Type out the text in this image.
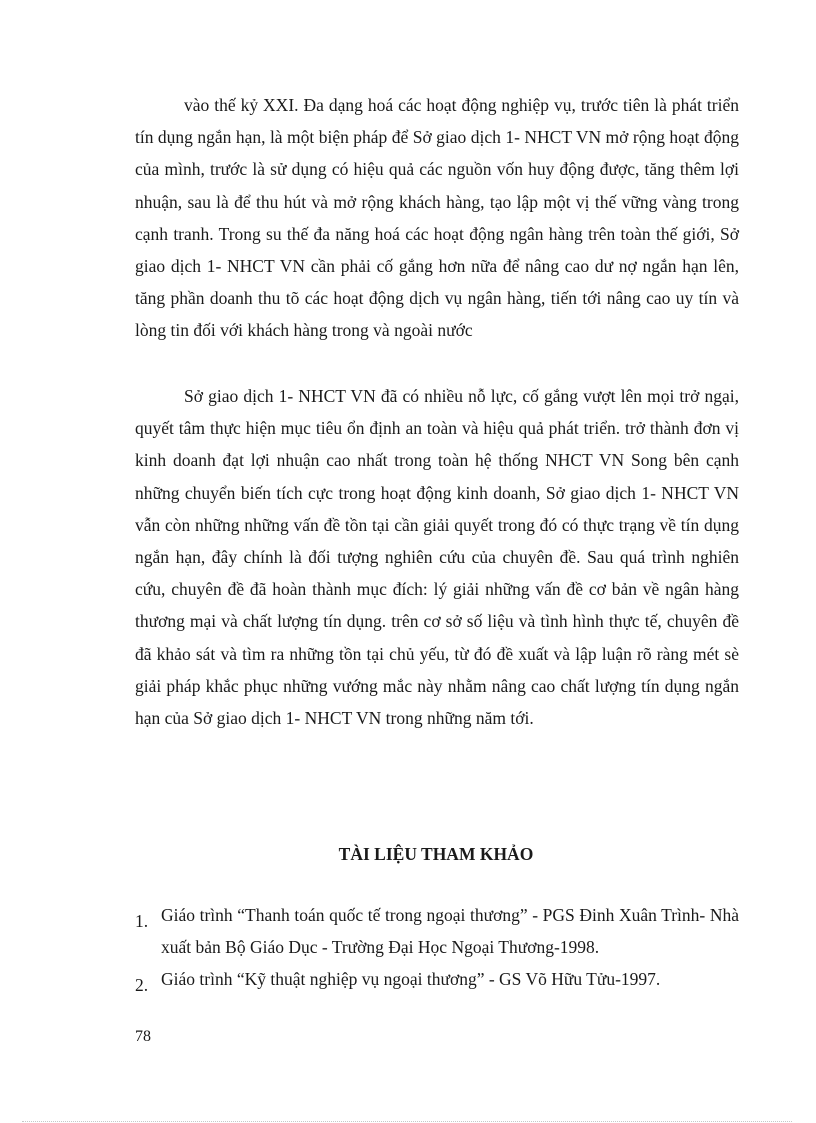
vào thế kỷ XXI. Đa dạng hoá các hoạt động nghiệp vụ, trước tiên là phát triển tín dụng ngắn hạn, là một biện pháp để Sở giao dịch 1- NHCT VN mở rộng hoạt động của mình, trước là sử dụng có hiệu quả các nguồn vốn huy động được, tăng thêm lợi nhuận, sau là để thu hút và mở rộng khách hàng, tạo lập một vị thế vững vàng trong cạnh tranh. Trong su thế đa năng hoá các hoạt động ngân hàng trên toàn thế giới, Sở giao dịch 1- NHCT VN cần phải cố gắng hơn nữa để nâng cao dư nợ ngắn hạn lên, tăng phần doanh thu tõ các hoạt động dịch vụ ngân hàng, tiến tới nâng cao uy tín và lòng tin đối với khách hàng trong và ngoài nước

Sở giao dịch 1- NHCT VN đã có nhiều nỗ lực, cố gắng vượt lên mọi trở ngại, quyết tâm thực hiện mục tiêu ổn định an toàn và hiệu quả phát triển. trở thành đơn vị kinh doanh đạt lợi nhuận cao nhất trong toàn hệ thống NHCT VN Song bên cạnh những chuyển biến tích cực trong hoạt động kinh doanh, Sở giao dịch 1- NHCT VN vẫn còn những những vấn đề tồn tại cần giải quyết trong đó có thực trạng về tín dụng ngắn hạn, đây chính là đối tượng nghiên cứu của chuyên đề. Sau quá trình nghiên cứu, chuyên đề đã hoàn thành mục đích: lý giải những vấn đề cơ bản về ngân hàng thương mại và chất lượng tín dụng. trên cơ sở số liệu và tình hình thực tế, chuyên đề đã khảo sát và tìm ra những tồn tại chủ yếu, từ đó đề xuất và lập luận rõ ràng mét sè giải pháp khắc phục những vướng mắc này nhằm nâng cao chất lượng tín dụng ngắn hạn của Sở giao dịch 1- NHCT VN trong những năm tới.

TÀI LIỆU THAM KHẢO
1. Giáo trình “Thanh toán quốc tế trong ngoại thương” - PGS Đinh Xuân Trình- Nhà xuất bản Bộ Giáo Dục - Trường Đại Học Ngoại Thương-1998.
2. Giáo trình “Kỹ thuật nghiệp vụ ngoại thương” - GS Võ Hữu Tửu-1997.
78
